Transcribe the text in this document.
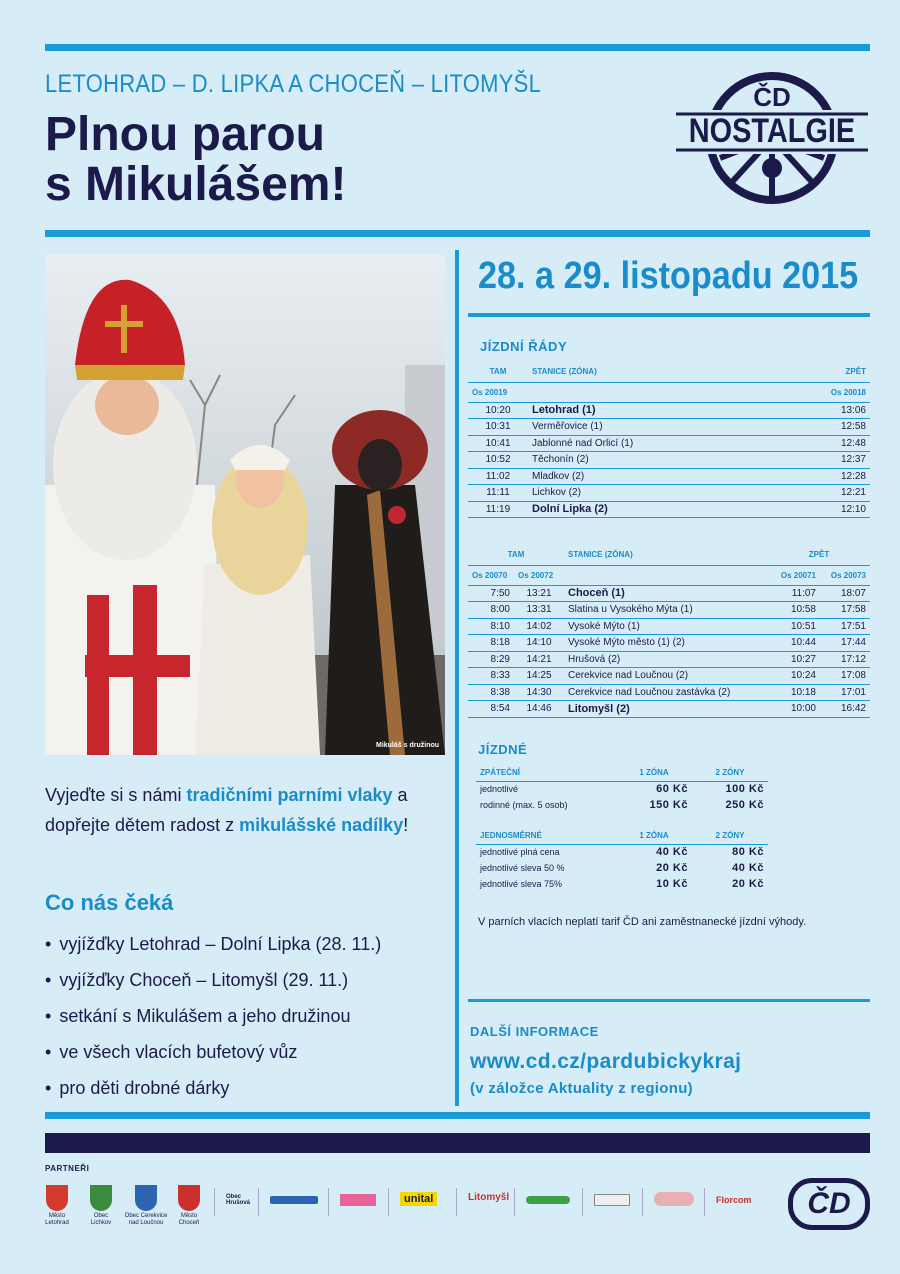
LETOHRAD – D. LIPKA A CHOCEŇ – LITOMYŠL
Plnou parou
s Mikulášem!
ČD
NOSTALGIE
Mikuláš s družinou
28. a 29. listopadu 2015
JÍZDNÍ ŘÁDY
TAM	STANICE (ZÓNA)	ZPĚT
Os 20019		Os 20018
10:20	Letohrad (1)	13:06
10:31	Verměřovice (1)	12:58
10:41	Jablonné nad Orlicí (1)	12:48
10:52	Těchonín (2)	12:37
11:02	Mladkov (2)	12:28
11:11	Lichkov (2)	12:21
11:19	Dolní Lipka (2)	12:10
TAM		STANICE (ZÓNA)	ZPĚT	
Os 20070	Os 20072		Os 20071	Os 20073
7:50	13:21	Choceň (1)	11:07	18:07
8:00	13:31	Slatina u Vysokého Mýta (1)	10:58	17:58
8:10	14:02	Vysoké Mýto (1)	10:51	17:51
8:18	14:10	Vysoké Mýto město (1) (2)	10:44	17:44
8:29	14:21	Hrušová (2)	10:27	17:12
8:33	14:25	Cerekvice nad Loučnou (2)	10:24	17:08
8:38	14:30	Cerekvice nad Loučnou zastávka (2)	10:18	17:01
8:54	14:46	Litomyšl (2)	10:00	16:42
JÍZDNÉ
ZPÁTEČNÍ	1 ZÓNA	2 ZÓNY
jednotlivé	60 Kč	100 Kč
rodinné (max. 5 osob)	150 Kč	250 Kč
JEDNOSMĚRNÉ	1 ZÓNA	2 ZÓNY
jednotlivé plná cena	40 Kč	80 Kč
jednotlivé sleva 50 %	20 Kč	40 Kč
jednotlivé sleva 75%	10 Kč	20 Kč
V parních vlacích neplatí tarif ČD ani zaměstnanecké jízdní výhody.
DALŠÍ INFORMACE
www.cd.cz/pardubickykraj
(v záložce Aktuality z regionu)
Vyjeďte si s námi tradičními parními vlaky a dopřejte dětem radost z mikulášské nadílky!
Co nás čeká
• vyjížďky Letohrad – Dolní Lipka (28. 11.)
• vyjížďky Choceň – Litomyšl (29. 11.)
• setkání s Mikulášem a jeho družinou
• ve všech vlacích bufetový vůz
• pro děti drobné dárky
PARTNEŘI
Město Letohrad
Obec Lichkov
Obec Cerekvice nad Loučnou
Město Choceň
Obec Hrušová	unital	Litomyšl	Florcom	ČD
